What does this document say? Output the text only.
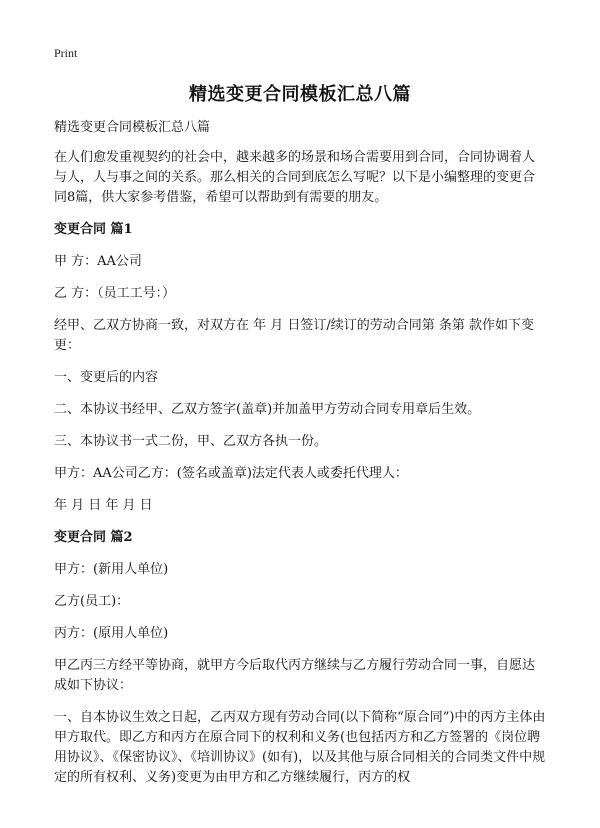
Print
精选变更合同模板汇总八篇

精选变更合同模板汇总八篇

在人们愈发重视契约的社会中，越来越多的场景和场合需要用到合同，合同协调着人与人，人与事之间的关系。那么相关的合同到底怎么写呢？以下是小编整理的变更合同8篇，供大家参考借鉴，希望可以帮助到有需要的朋友。

变更合同 篇1

甲 方：AA公司

乙 方：（员工工号：）

经甲、乙双方协商一致，对双方在 年 月 日签订/续订的劳动合同第 条第 款作如下变更：

一、变更后的内容

二、本协议书经甲、乙双方签字(盖章)并加盖甲方劳动合同专用章后生效。

三、本协议书一式二份，甲、乙双方各执一份。

甲方：AA公司乙方：(签名或盖章)法定代表人或委托代理人：

年 月 日 年 月 日

变更合同 篇2

甲方：(新用人单位)

乙方(员工)：

丙方：(原用人单位)

甲乙丙三方经平等协商，就甲方今后取代丙方继续与乙方履行劳动合同一事，自愿达成如下协议：

一、自本协议生效之日起，乙丙双方现有劳动合同(以下简称“原合同”)中的丙方主体由甲方取代。即乙方和丙方在原合同下的权利和义务(也包括丙方和乙方签署的《岗位聘用协议》、《保密协议》、《培训协议》(如有)，以及其他与原合同相关的合同类文件中规定的所有权利、义务)变更为由甲方和乙方继续履行，丙方的权
